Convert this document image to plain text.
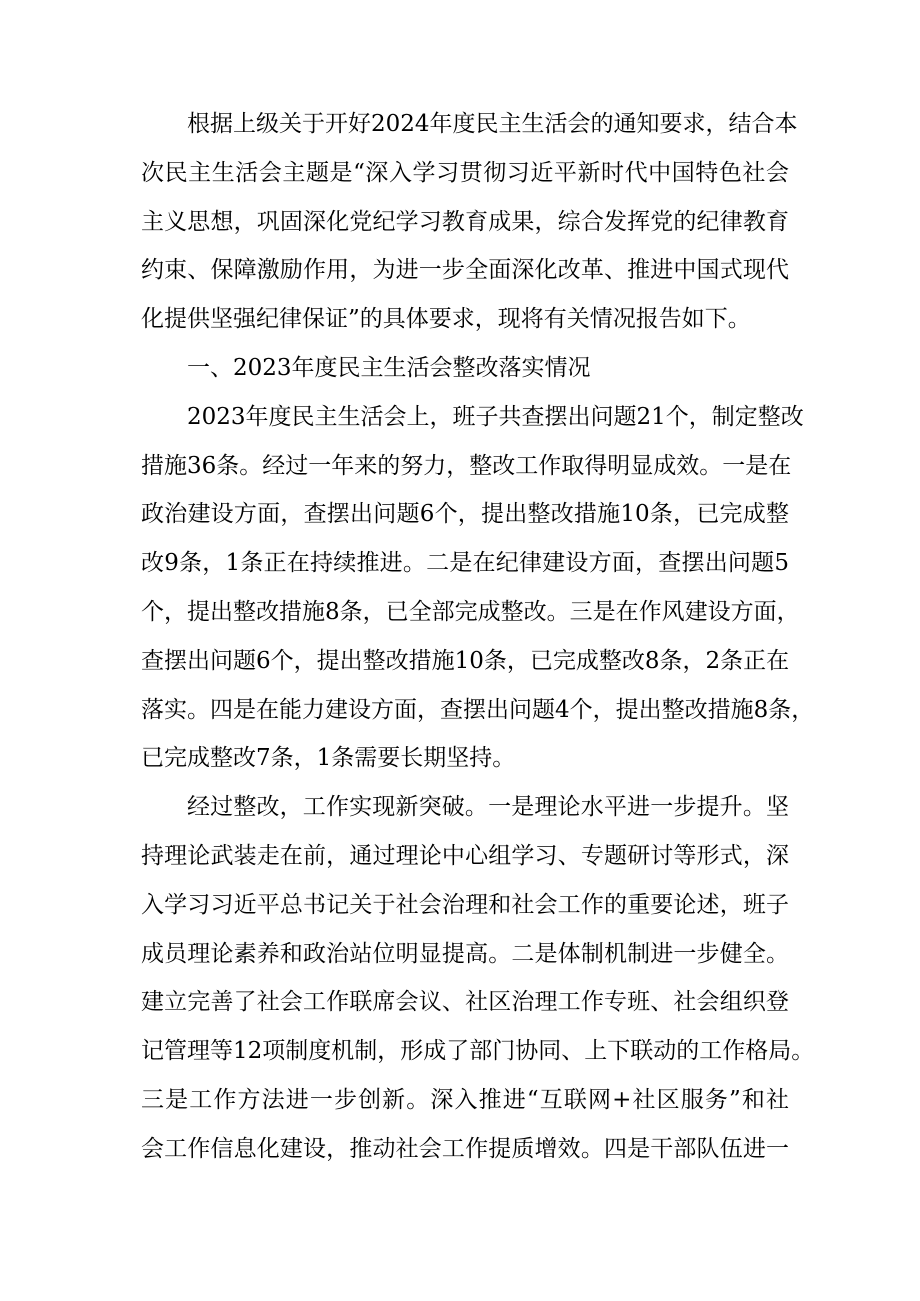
根据上级关于开好2024年度民主生活会的通知要求，结合本
次民主生活会主题是“深入学习贯彻习近平新时代中国特色社会
主义思想，巩固深化党纪学习教育成果，综合发挥党的纪律教育
约束、保障激励作用，为进一步全面深化改革、推进中国式现代
化提供坚强纪律保证”的具体要求，现将有关情况报告如下。
一、2023年度民主生活会整改落实情况
2023年度民主生活会上，班子共查摆出问题21个，制定整改
措施36条。经过一年来的努力，整改工作取得明显成效。一是在
政治建设方面，查摆出问题6个，提出整改措施10条，已完成整
改9条，1条正在持续推进。二是在纪律建设方面，查摆出问题5
个，提出整改措施8条，已全部完成整改。三是在作风建设方面，
查摆出问题6个，提出整改措施10条，已完成整改8条，2条正在
落实。四是在能力建设方面，查摆出问题4个，提出整改措施8条，
已完成整改7条，1条需要长期坚持。
经过整改，工作实现新突破。一是理论水平进一步提升。坚
持理论武装走在前，通过理论中心组学习、专题研讨等形式，深
入学习习近平总书记关于社会治理和社会工作的重要论述，班子
成员理论素养和政治站位明显提高。二是体制机制进一步健全。
建立完善了社会工作联席会议、社区治理工作专班、社会组织登
记管理等12项制度机制，形成了部门协同、上下联动的工作格局。
三是工作方法进一步创新。深入推进“互联网+社区服务”和社
会工作信息化建设，推动社会工作提质增效。四是干部队伍进一
